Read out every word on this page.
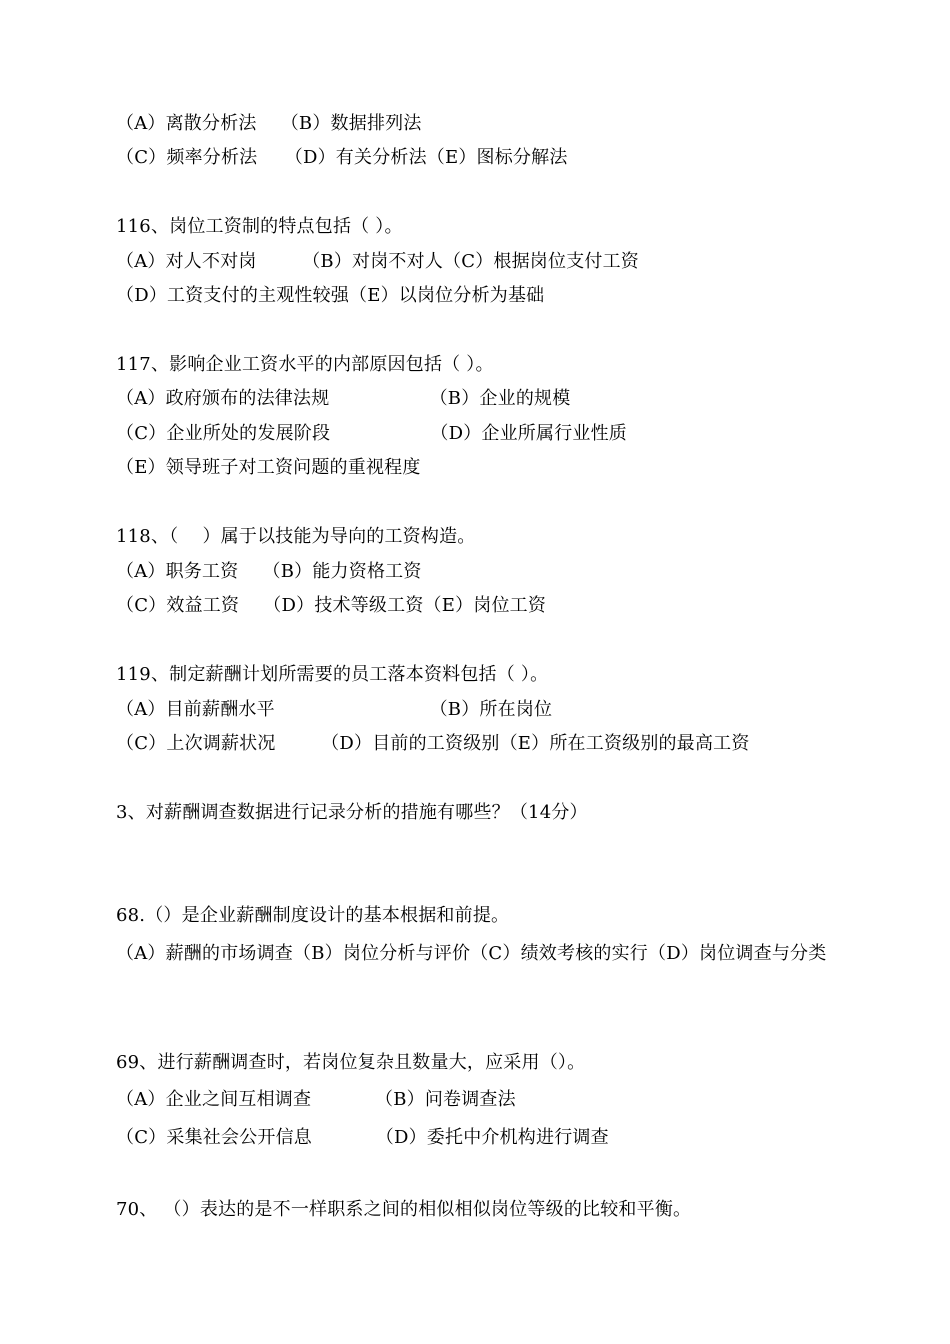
（A）离散分析法　 （B）数据排列法
（C）频率分析法　　（D）有关分析法（E）图标分解法
116、岗位工资制的特点包括（ ）。
（A）对人不对岗　　　（B）对岗不对人（C）根据岗位支付工资
（D）工资支付的主观性较强（E）以岗位分析为基础
117、影响企业工资水平的内部原因包括（ ）。
（A）政府颁布的法律法规　　　　　　（B）企业的规模
（C）企业所处的发展阶段　　　　　　（D）企业所属行业性质
（E）领导班子对工资问题的重视程度
118、（　 ）属于以技能为导向的工资构造。
（A）职务工资　 （B）能力资格工资
（C）效益工资　 （D）技术等级工资（E）岗位工资
119、制定薪酬计划所需要的员工落本资料包括（ ）。
（A）目前薪酬水平　　　　　　　　　（B）所在岗位
（C）上次调薪状况　　　（D）目前的工资级别（E）所在工资级别的最高工资
3、对薪酬调查数据进行记录分析的措施有哪些？（14分）
68.（）是企业薪酬制度设计的基本根据和前提。
（A）薪酬的市场调查（B）岗位分析与评价（C）绩效考核的实行（D）岗位调查与分类
69、进行薪酬调查时，若岗位复杂且数量大，应采用（）。
（A）企业之间互相调查　　　　（B）问卷调查法
（C）采集社会公开信息　　　　（D）委托中介机构进行调查
70、 （）表达的是不一样职系之间的相似相似岗位等级的比较和平衡。
